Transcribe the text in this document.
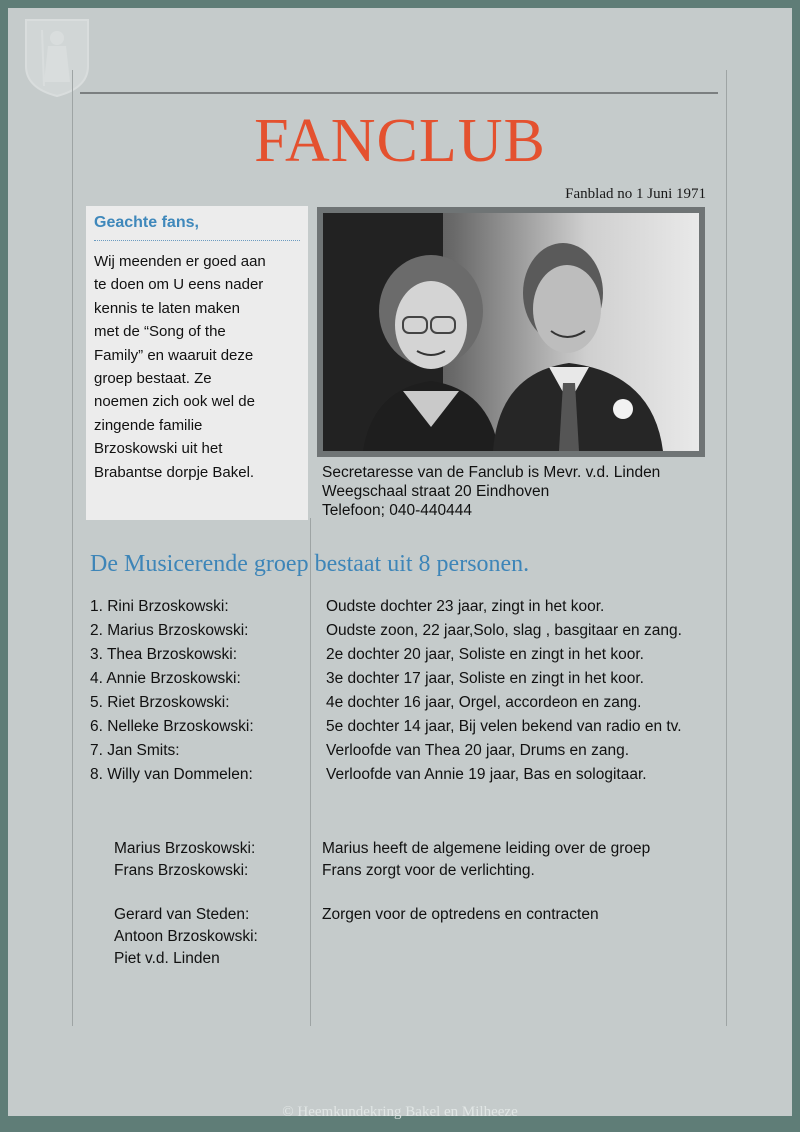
FANCLUB
Fanblad no 1 Juni 1971
Geachte fans,
Wij meenden er goed aan
te doen om U eens nader
kennis te laten maken
met de “Song of the
Family” en waaruit deze
groep bestaat. Ze
noemen zich ook wel de
zingende familie
Brzoskowski uit het
Brabantse dorpje Bakel.	Secretaresse van de Fanclub is Mevr. v.d. Linden
Weegschaal straat 20 Eindhoven
Telefoon; 040-440444
De Musicerende groep bestaat uit 8 personen.
1. Rini Brzoskowski:	Oudste dochter 23 jaar, zingt in het koor.
2. Marius Brzoskowski:	Oudste zoon, 22 jaar,Solo, slag , basgitaar en zang.
3. Thea Brzoskowski:	2e dochter 20 jaar, Soliste en zingt in het koor.
4. Annie Brzoskowski:	3e dochter 17 jaar, Soliste en zingt in het koor.
5. Riet Brzoskowski:	4e dochter 16 jaar, Orgel, accordeon en zang.
6. Nelleke Brzoskowski:	5e dochter 14 jaar, Bij velen bekend van radio en tv.
7. Jan Smits:	Verloofde van Thea 20 jaar, Drums en zang.
8. Willy van Dommelen:	Verloofde van Annie 19 jaar, Bas en sologitaar.
Marius Brzoskowski:	Marius heeft de algemene leiding over de groep
Frans Brzoskowski:	Frans zorgt voor de verlichting.
Gerard van Steden:	Zorgen voor de optredens en contracten
Antoon Brzoskowski:
Piet v.d. Linden
© Heemkundekring Bakel en Milheeze
